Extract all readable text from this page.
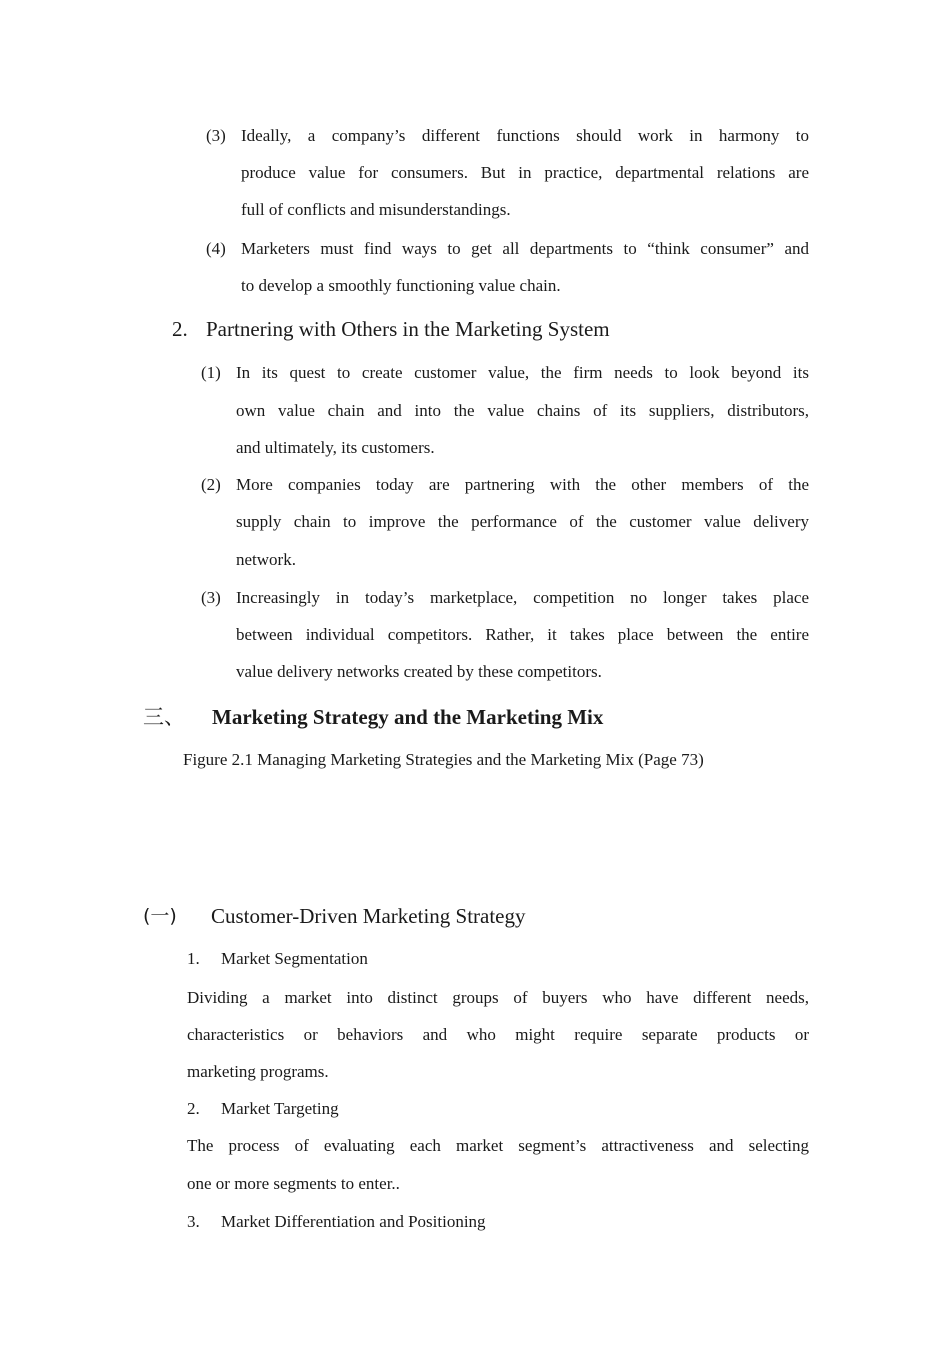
(3) Ideally, a company’s different functions should work in harmony to
produce value for consumers. But in practice, departmental relations are
full of conflicts and misunderstandings.
(4) Marketers must find ways to get all departments to “think consumer” and
to develop a smoothly functioning value chain.
2. Partnering with Others in the Marketing System
(1) In its quest to create customer value, the firm needs to look beyond its
own value chain and into the value chains of its suppliers, distributors,
and ultimately, its customers.
(2) More companies today are partnering with the other members of the
supply chain to improve the performance of the customer value delivery
network.
(3) Increasingly in today’s marketplace, competition no longer takes place
between individual competitors. Rather, it takes place between the entire
value delivery networks created by these competitors.
三、 Marketing Strategy and the Marketing Mix
Figure 2.1 Managing Marketing Strategies and the Marketing Mix (Page 73)
(一) Customer-Driven Marketing Strategy
1. Market Segmentation
Dividing a market into distinct groups of buyers who have different needs,
characteristics or behaviors and who might require separate products or
marketing programs.
2. Market Targeting
The process of evaluating each market segment’s attractiveness and selecting
one or more segments to enter..
3. Market Differentiation and Positioning
